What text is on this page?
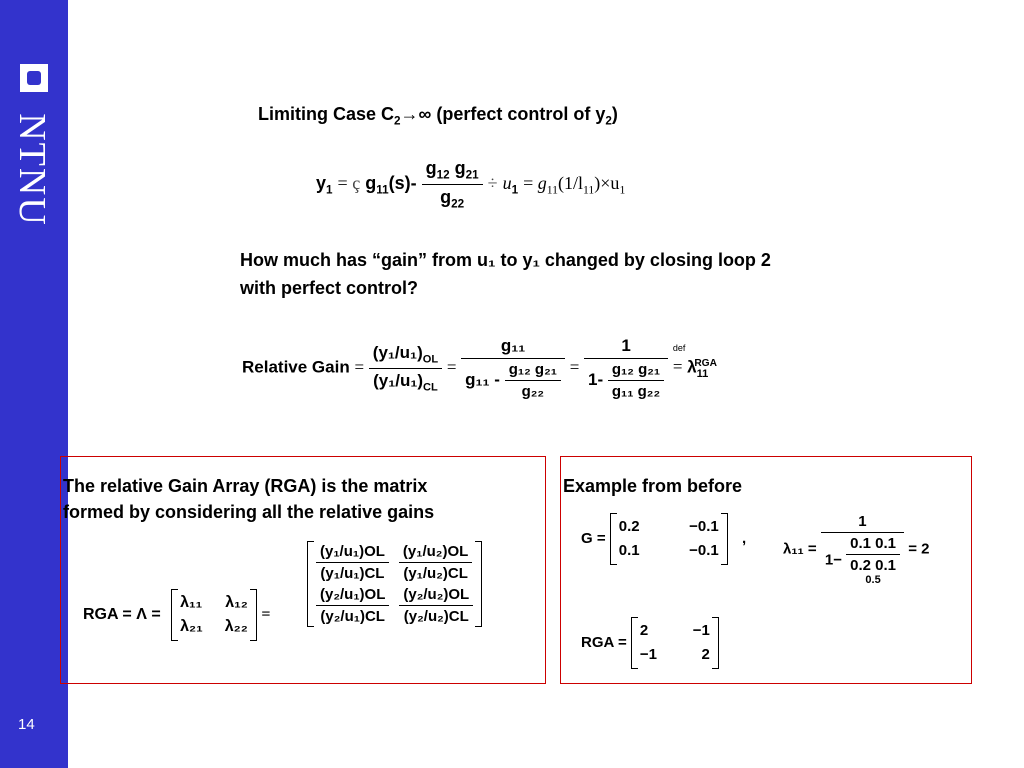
NTNU
14
Limiting Case $C_2\to\infty$ (perfect control of $y_2$)
$y_1$ = ç $g_{11}(s)- \frac{g_{12} g_{21}}{g_{22}} \div u_1 = g_{11}(1/l_{11})\times u_1$
How much has “gain” from u₁ to y₁ changed by closing loop 2 with perfect control?
Relative Gain = $\frac{(y_1/u_1)_{OL}}{(y_1/u_1)_{CL}} = \frac{\text{g₁₁}}{g_{11} - \frac{\text{g₁₂ g₂₁}}{\text{g₂₂}}} = \frac{1}{1- \frac{\text{g₁₂ g₂₁}}{\text{g₁₁ g₂₂}}}$
def
= $\lambda_{11}^{RGA}$
The relative Gain Array (RGA) is the matrix
formed by considering all the relative gains
RGA = Λ =
λ₁₁ λ₁₂
λ₂₁ λ₂₂
=
$\frac{\text{(y₁/u₁)OL}}{\text{(y₁/u₁)CL}} \frac{\text{(y₁/u₂)OL}}{\text{(y₁/u₂)CL}}$
$\frac{\text{(y₂/u₁)OL}}{\text{(y₂/u₁)CL}} \frac{\text{(y₂/u₂)OL}}{\text{(y₂/u₂)CL}}$
Example from before
G =
0.2	−0.1
0.1	−0.1
,
λ₁₁ = 1
1−
0.1 0.1
0.2 0.1
0.5 = 2
RGA =
2	−1
−1	2
